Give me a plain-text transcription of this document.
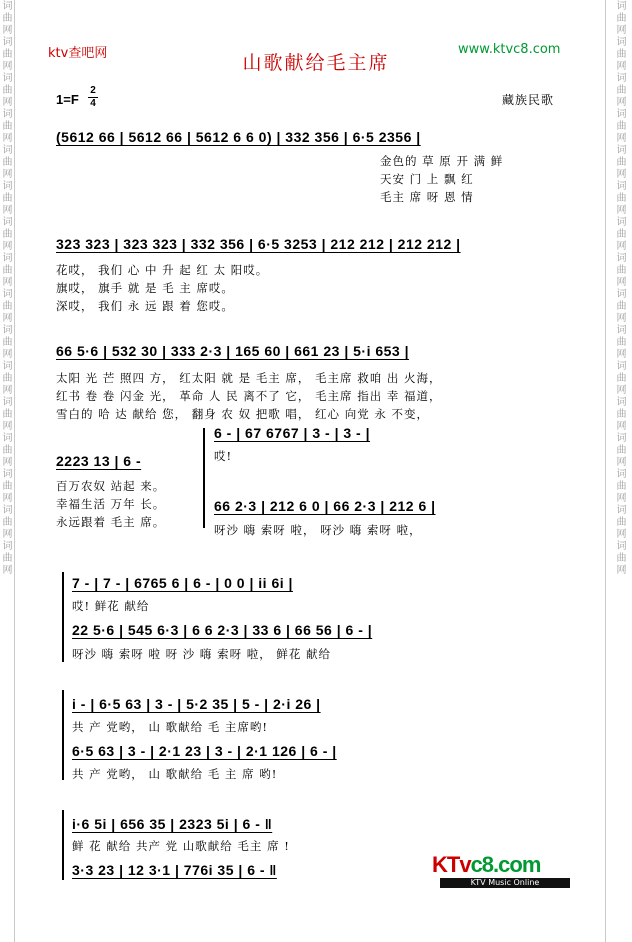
词曲网词曲网词曲网词曲网词曲网词曲网词曲网词曲网词曲网词曲网词曲网词曲网词曲网词曲网词曲网词曲网	词曲网词曲网词曲网词曲网词曲网词曲网词曲网词曲网词曲网词曲网词曲网词曲网词曲网词曲网词曲网词曲网
ktv查吧网	www.ktvc8.com
山歌献给毛主席
1=F
2
4	藏族民歌
(5612 66 | 5612 66 | 5612 6 6 0) | 332 356 | 6·5 2356 |
金色的 草 原 开 满 鲜
天安 门 上 飘 红
毛主 席 呀 恩 情
323 323 | 323 323 | 332 356 | 6·5 3253 | 212 212 | 212 212 |
花哎， 我们 心 中 升 起 红 太 阳哎。
旗哎， 旗手 就 是 毛 主 席哎。
深哎， 我们 永 远 跟 着 您哎。
66 5·6 | 532 30 | 333 2·3 | 165 60 | 661 23 | 5·i 653 |
太阳 光 芒 照四 方， 红太阳 就 是 毛主 席， 毛主席 救咱 出 火海，
红书 卷 卷 闪金 光， 革命 人 民 离不了 它， 毛主席 指出 幸 福道，
雪白的 哈 达 献给 您， 翻身 农 奴 把歌 唱， 红心 向党 永 不变，
2223 13 | 6 -
百万农奴 站起 来。
幸福生活 万年 长。
永远跟着 毛主 席。
6 - | 67 6767 | 3 - | 3 - |
哎!
66 2·3 | 212 6 0 | 66 2·3 | 212 6 |
呀沙 嗨 索呀 啦， 呀沙 嗨 索呀 啦，
7 - | 7 - | 6765 6 | 6 - | 0 0 | ii 6i |
哎! 鲜花 献给
22 5·6 | 545 6·3 | 6 6 2·3 | 33 6 | 66 56 | 6 - |
呀沙 嗨 索呀 啦 呀 沙 嗨 索呀 啦， 鲜花 献给
i - | 6·5 63 | 3 - | 5·2 35 | 5 - | 2·i 26 |
共 产 党哟， 山 歌献给 毛 主席哟!
6·5 63 | 3 - | 2·1 23 | 3 - | 2·1 126 | 6 - |
共 产 党哟， 山 歌献给 毛 主 席 哟!
i·6 5i | 656 35 | 2323 5i | 6 - ‖
鲜 花 献给 共产 党 山歌献给 毛主 席 !
3·3 23 | 12 3·1 | 776i 35 | 6 - ‖	KTvc8.com
KTV Music Online
